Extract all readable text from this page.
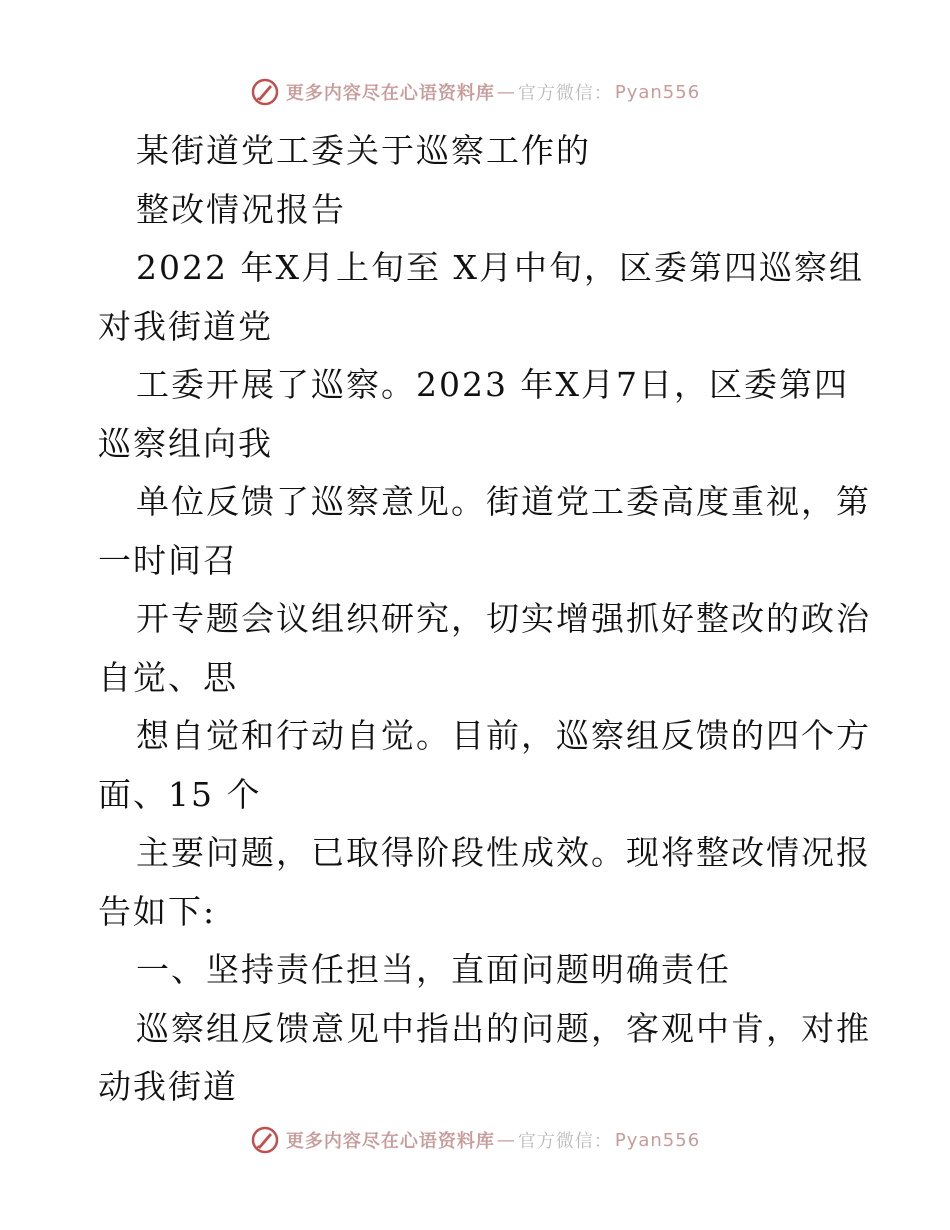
更多内容尽在心语资料库 — 官方微信： Pyan556
某街道党工委关于巡察工作的
整改情况报告
2022 年X月上旬至 X月中旬，区委第四巡察组
对我街道党
工委开展了巡察。2023 年X月7日，区委第四
巡察组向我
单位反馈了巡察意见。街道党工委高度重视，第
一时间召
开专题会议组织研究，切实增强抓好整改的政治
自觉、思
想自觉和行动自觉。目前，巡察组反馈的四个方
面、15 个
主要问题，已取得阶段性成效。现将整改情况报
告如下:
一、坚持责任担当，直面问题明确责任
巡察组反馈意见中指出的问题，客观中肯，对推
动我街道
更多内容尽在心语资料库 — 官方微信： Pyan556
